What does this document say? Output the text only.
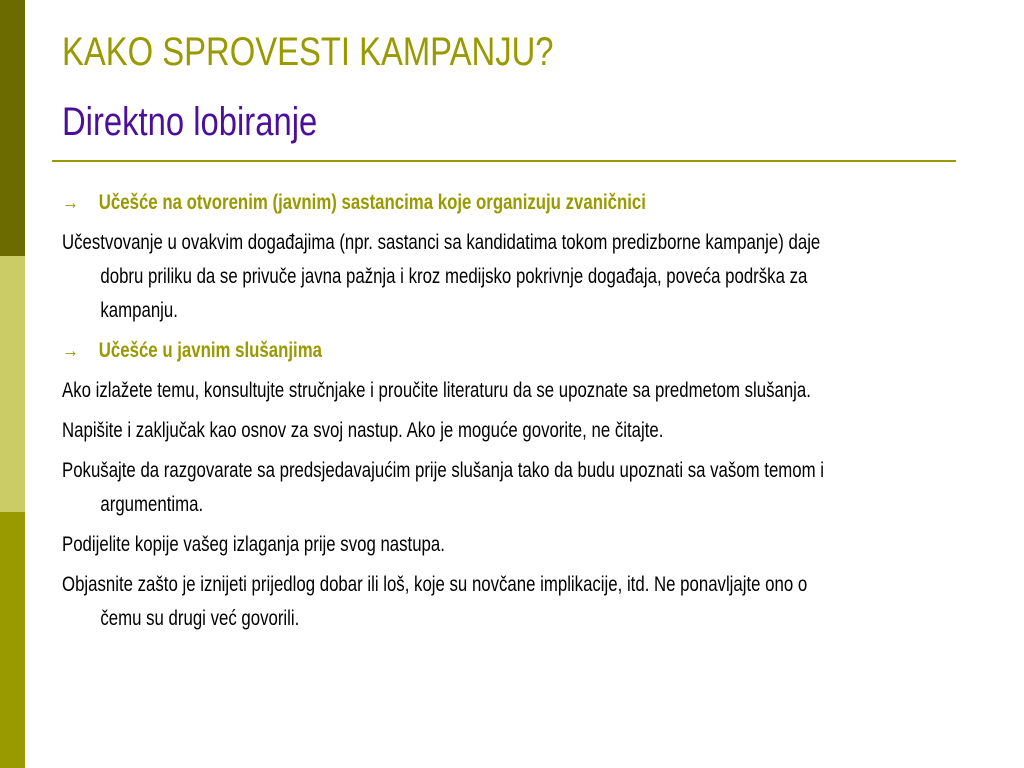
KAKO SPROVESTI KAMPANJU?
Direktno lobiranje
→ Učešće na otvorenim (javnim) sastancima koje organizuju zvaničnici
Učestvovanje u ovakvim događajima (npr. sastanci sa kandidatima tokom predizborne kampanje) daje
dobru priliku da se privuče javna pažnja i kroz medijsko pokrivnje događaja, poveća podrška za
kampanju.
→ Učešće u javnim slušanjima
Ako izlažete temu, konsultujte stručnjake i proučite literaturu da se upoznate sa predmetom slušanja.
Napišite i zaključak kao osnov za svoj nastup. Ako je moguće govorite, ne čitajte.
Pokušajte da razgovarate sa predsjedavajućim prije slušanja tako da budu upoznati sa vašom temom i
argumentima.
Podijelite kopije vašeg izlaganja prije svog nastupa.
Objasnite zašto je iznijeti prijedlog dobar ili loš, koje su novčane implikacije, itd. Ne ponavljajte ono o
čemu su drugi već govorili.
